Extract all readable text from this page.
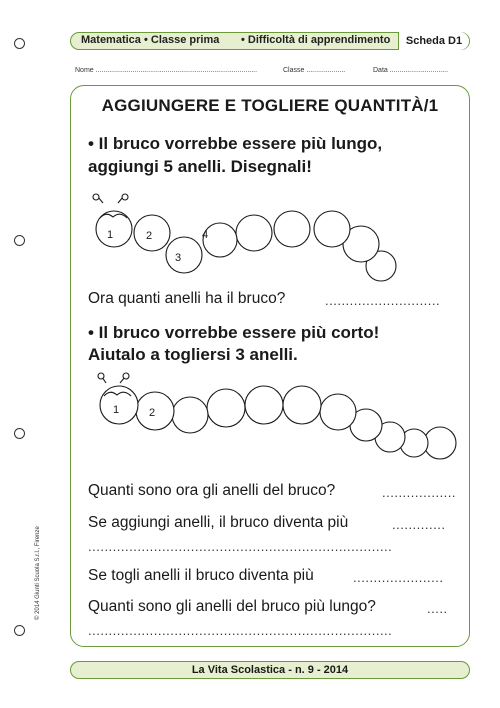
Matematica • Classe prima • Difficoltà di apprendimento	Scheda D1
Nome ...................................................................................	Classe ....................	Data ..............................
AGGIUNGERE E TOGLIERE QUANTITÀ/1
• Il bruco vorrebbe essere più lungo,
aggiungi 5 anelli. Disegnali!
1	2
3
4
1	2
Ora quanti anelli ha il bruco?	............................
• Il bruco vorrebbe essere più corto!
Aiutalo a togliersi 3 anelli.
Quanti sono ora gli anelli del bruco?	..................
Se aggiungi anelli, il bruco diventa più	.............
..........................................................................
Se togli anelli il bruco diventa più	......................
Quanti sono gli anelli del bruco più lungo?	.....
..........................................................................
La Vita Scolastica - n. 9 - 2014
© 2014 Giunti Scuola S.r.l., Firenze
